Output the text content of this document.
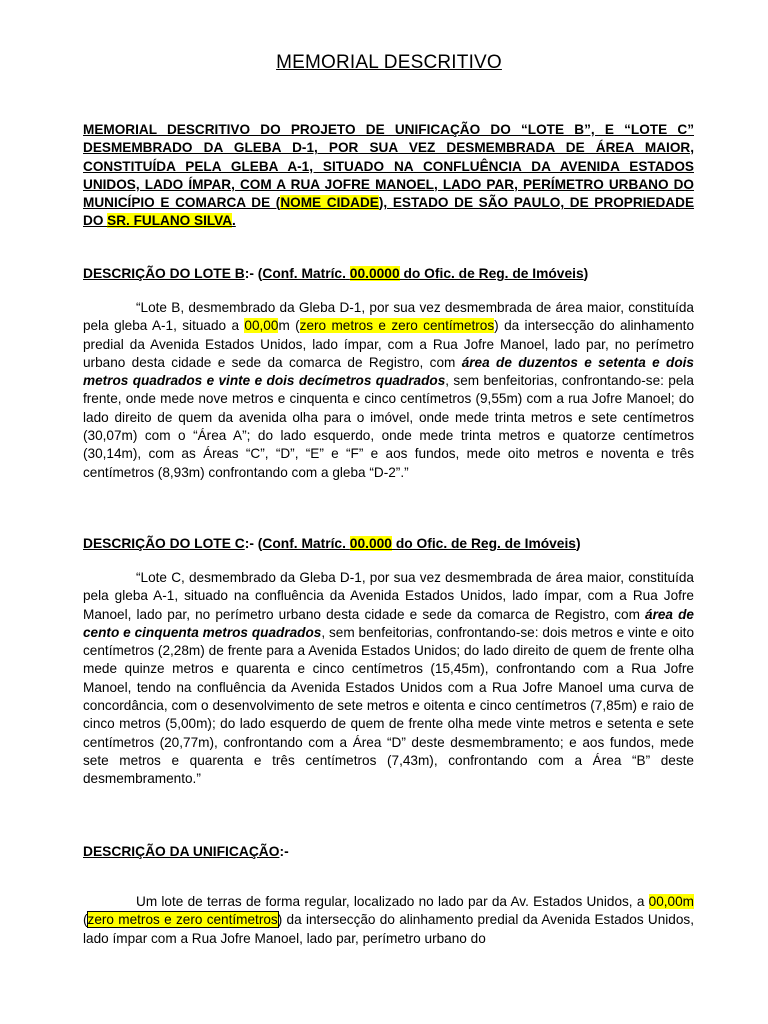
MEMORIAL DESCRITIVO
MEMORIAL DESCRITIVO DO PROJETO DE UNIFICAÇÃO DO “LOTE B”, E “LOTE C” DESMEMBRADO DA GLEBA D-1, POR SUA VEZ DESMEMBRADA DE ÁREA MAIOR, CONSTITUÍDA PELA GLEBA A-1, SITUADO NA CONFLUÊNCIA DA AVENIDA ESTADOS UNIDOS, LADO ÍMPAR, COM A RUA JOFRE MANOEL, LADO PAR, PERÍMETRO URBANO DO MUNICÍPIO E COMARCA DE (NOME CIDADE), ESTADO DE SÃO PAULO, DE PROPRIEDADE DO SR. FULANO SILVA.
DESCRIÇÃO DO LOTE B:- (Conf. Matríc. 00.0000 do Ofic. de Reg. de Imóveis)
“Lote B, desmembrado da Gleba D-1, por sua vez desmembrada de área maior, constituída pela gleba A-1, situado a 00,00m (zero metros e zero centímetros) da intersecção do alinhamento predial da Avenida Estados Unidos, lado ímpar, com a Rua Jofre Manoel, lado par, no perímetro urbano desta cidade e sede da comarca de Registro, com área de duzentos e setenta e dois metros quadrados e vinte e dois decímetros quadrados, sem benfeitorias, confrontando-se: pela frente, onde mede nove metros e cinquenta e cinco centímetros (9,55m) com a rua Jofre Manoel; do lado direito de quem da avenida olha para o imóvel, onde mede trinta metros e sete centímetros (30,07m) com o “Área A”; do lado esquerdo, onde mede trinta metros e quatorze centímetros (30,14m), com as Áreas “C”, “D”, “E” e “F” e aos fundos, mede oito metros e noventa e três centímetros (8,93m) confrontando com a gleba “D-2”.”
DESCRIÇÃO DO LOTE C:- (Conf. Matríc. 00.000 do Ofic. de Reg. de Imóveis)
“Lote C, desmembrado da Gleba D-1, por sua vez desmembrada de área maior, constituída pela gleba A-1, situado na confluência da Avenida Estados Unidos, lado ímpar, com a Rua Jofre Manoel, lado par, no perímetro urbano desta cidade e sede da comarca de Registro, com área de cento e cinquenta metros quadrados, sem benfeitorias, confrontando-se: dois metros e vinte e oito centímetros (2,28m) de frente para a Avenida Estados Unidos; do lado direito de quem de frente olha mede quinze metros e quarenta e cinco centímetros (15,45m), confrontando com a Rua Jofre Manoel, tendo na confluência da Avenida Estados Unidos com a Rua Jofre Manoel uma curva de concordância, com o desenvolvimento de sete metros e oitenta e cinco centímetros (7,85m) e raio de cinco metros (5,00m); do lado esquerdo de quem de frente olha mede vinte metros e setenta e sete centímetros (20,77m), confrontando com a Área “D” deste desmembramento; e aos fundos, mede sete metros e quarenta e três centímetros (7,43m), confrontando com a Área “B” deste desmembramento.”
DESCRIÇÃO DA UNIFICAÇÃO:-
Um lote de terras de forma regular, localizado no lado par da Av. Estados Unidos, a 00,00m (zero metros e zero centímetros) da intersecção do alinhamento predial da Avenida Estados Unidos, lado ímpar com a Rua Jofre Manoel, lado par, perímetro urbano do
